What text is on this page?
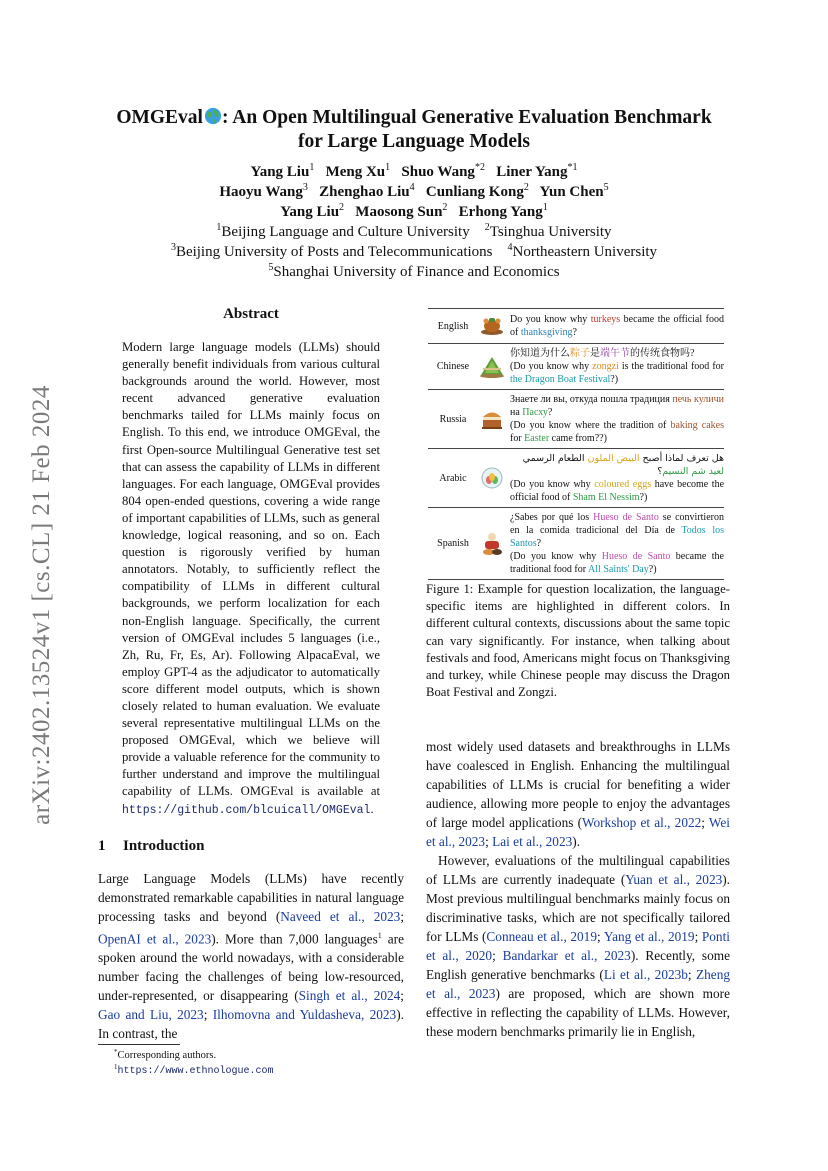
arXiv:2402.13524v1 [cs.CL] 21 Feb 2024
OMGEval : An Open Multilingual Generative Evaluation Benchmark
for Large Language Models
Yang Liu$^1$ Meng Xu$^1$ Shuo Wang$^{*2}$ Liner Yang$^{*1}$
Haoyu Wang$^3$ Zhenghao Liu$^4$ Cunliang Kong$^2$ Yun Chen$^5$
Yang Liu$^2$ Maosong Sun$^2$ Erhong Yang$^1$
$^1$Beijing Language and Culture University $^2$Tsinghua University
$^3$Beijing University of Posts and Telecommunications $^4$Northeastern University
$^5$Shanghai University of Finance and Economics
Abstract
Modern large language models (LLMs) should generally benefit individuals from various cultural backgrounds around the world. However, most recent advanced generative evaluation benchmarks tailed for LLMs mainly focus on English. To this end, we introduce OMGEval, the first Open-source Multilingual Generative test set that can assess the capability of LLMs in different languages. For each language, OMGEval provides 804 open-ended questions, covering a wide range of important capabilities of LLMs, such as general knowledge, logical reasoning, and so on. Each question is rigorously verified by human annotators. Notably, to sufficiently reflect the compatibility of LLMs in different cultural backgrounds, we perform localization for each non-English language. Specifically, the current version of OMGEval includes 5 languages (i.e., Zh, Ru, Fr, Es, Ar). Following AlpacaEval, we employ GPT-4 as the adjudicator to automatically score different model outputs, which is shown closely related to human evaluation. We evaluate several representative multilingual LLMs on the proposed OMGEval, which we believe will provide a valuable reference for the community to further understand and improve the multilingual capability of LLMs. OMGEval is available at https://github.com/blcuicall/OMGEval.
1 Introduction
Large Language Models (LLMs) have recently demonstrated remarkable capabilities in natural language processing tasks and beyond (Naveed et al., 2023; OpenAI et al., 2023). More than 7,000 languages$^1$ are spoken around the world nowadays, with a considerable number facing the challenges of being low-resourced, under-represented, or disappearing (Singh et al., 2024; Gao and Liu, 2023; Ilhomovna and Yuldasheva, 2023). In contrast, the
*Corresponding authors.
$^1$https://www.ethnologue.com
English
Do you know why turkeys became the official food of thanksgiving?
Chinese
你知道为什么粽子是端午节的传统食物吗?
(Do you know why zongzi is the traditional food for the Dragon Boat Festival?)
Russia
Знаете ли вы, откуда пошла традиция печь куличи на Пасху?
(Do you know where the tradition of baking cakes for Easter came from??)
Arabic
هل تعرف لماذا أصبح البيض الملون الطعام الرسمي لعيد شم النسيم؟
(Do you know why coloured eggs have become the official food of Sham El Nessim?)
Spanish
¿Sabes por qué los Hueso de Santo se convirtieron en la comida tradicional del Día de Todos los Santos?
(Do you know why Hueso de Santo became the traditional food for All Saints' Day?)
Figure 1: Example for question localization, the language-specific items are highlighted in different colors. In different cultural contexts, discussions about the same topic can vary significantly. For instance, when talking about festivals and food, Americans might focus on Thanksgiving and turkey, while Chinese people may discuss the Dragon Boat Festival and Zongzi.

most widely used datasets and breakthroughs in LLMs have coalesced in English. Enhancing the multilingual capabilities of LLMs is crucial for benefiting a wider audience, allowing more people to enjoy the advantages of large model applications (Workshop et al., 2022; Wei et al., 2023; Lai et al., 2023).

However, evaluations of the multilingual capabilities of LLMs are currently inadequate (Yuan et al., 2023). Most previous multilingual benchmarks mainly focus on discriminative tasks, which are not specifically tailored for LLMs (Conneau et al., 2019; Yang et al., 2019; Ponti et al., 2020; Bandarkar et al., 2023). Recently, some English generative benchmarks (Li et al., 2023b; Zheng et al., 2023) are proposed, which are shown more effective in reflecting the capability of LLMs. However, these modern benchmarks primarily lie in English,
